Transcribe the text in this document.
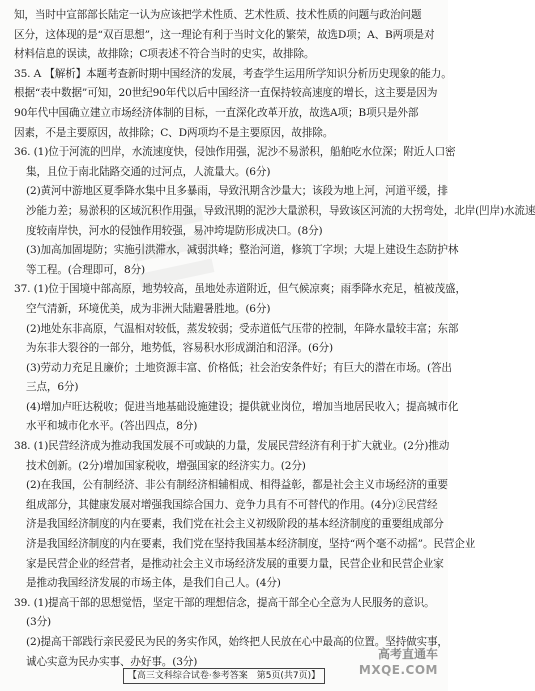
知，当时中宣部部长陆定一认为应该把学术性质、艺术性质、技术性质的问题与政治问题
区分，这体现的是“双百思想”，这一理论有利于当时文化的繁荣，故选D项；A、B两项是对
材料信息的误读，故排除；C项表述不符合当时的史实，故排除。
35. A 【解析】本题考查新时期中国经济的发展，考查学生运用所学知识分析历史现象的能力。
根据“表中数据”可知，20世纪90年代以后中国经济一直保持较高速度的增长，这主要是因为
90年代中国确立建立市场经济体制的目标，一直深化改革开放，故选A项；B项只是外部
因素，不是主要原因，故排除；C、D两项均不是主要原因，故排除。
36. (1)位于河流的凹岸，水流速度快，侵蚀作用强，泥沙不易淤积，船舶吃水位深；附近人口密
集，且位于南北陆路交通的过河点，人流量大。(6分)
(2)黄河中游地区夏季降水集中且多暴雨，导致汛期含沙量大；该段为地上河，河道平缓，排
沙能力差；易淤积的区域沉积作用强，导致汛期的泥沙大量淤积，导致该区河流的大拐弯处，北岸(凹岸)水流速
度较南岸快，河水的侵蚀作用较强，易冲垮堤防形成决口。(8分)
(3)加高加固堤防；实施引洪滞水，减弱洪峰；整治河道，修筑丁字坝；大堤上建设生态防护林
等工程。(合理即可，8分)
37. (1)位于国境中部高原，地势较高，虽地处赤道附近，但气候凉爽；雨季降水充足，植被茂盛，
空气清新，环境优美，成为非洲大陆避暑胜地。(6分)
(2)地处东非高原，气温相对较低，蒸发较弱；受赤道低气压带的控制，年降水量较丰富；东部
为东非大裂谷的一部分，地势低，容易积水形成湖泊和沼泽。(6分)
(3)劳动力充足且廉价；土地资源丰富、价格低；社会治安条件好；有巨大的潜在市场。(答出
三点，6分)
(4)增加卢旺达税收；促进当地基础设施建设；提供就业岗位，增加当地居民收入；提高城市化
水平和城市化水平。(答出四点，8分)
38. (1)民营经济成为推动我国发展不可或缺的力量，发展民营经济有利于扩大就业。(2分)推动
技术创新。(2分)增加国家税收，增强国家的经济实力。(2分)
(2)在我国，公有制经济、非公有制经济相辅相成、相得益彰，都是社会主义市场经济的重要
组成部分，其健康发展对增强我国综合国力、竞争力具有不可替代的作用。(4分)②民营经
济是我国经济制度的内在要素，我们党在社会主义初级阶段的基本经济制度的重要组成部分
济是我国经济制度的内在要素，我们党在坚持我国基本经济制度，坚持“两个毫不动摇”。民营企业
家是民营企业的经营者，是推动社会主义市场经济发展的重要力量，民营企业和民营企业家
是推动我国经济发展的市场主体，是我们自己人。(4分)
39. (1)提高干部的思想觉悟，坚定干部的理想信念，提高干部全心全意为人民服务的意识。
(3分)
(2)提高干部践行亲民爱民为民的务实作风，始终把人民放在心中最高的位置。坚持做实事，
诚心实意为民办实事、办好事。(3分)
【高三文科综合试卷·参考答案　第5页(共7页)】
高考直通车
MXQE.COM
